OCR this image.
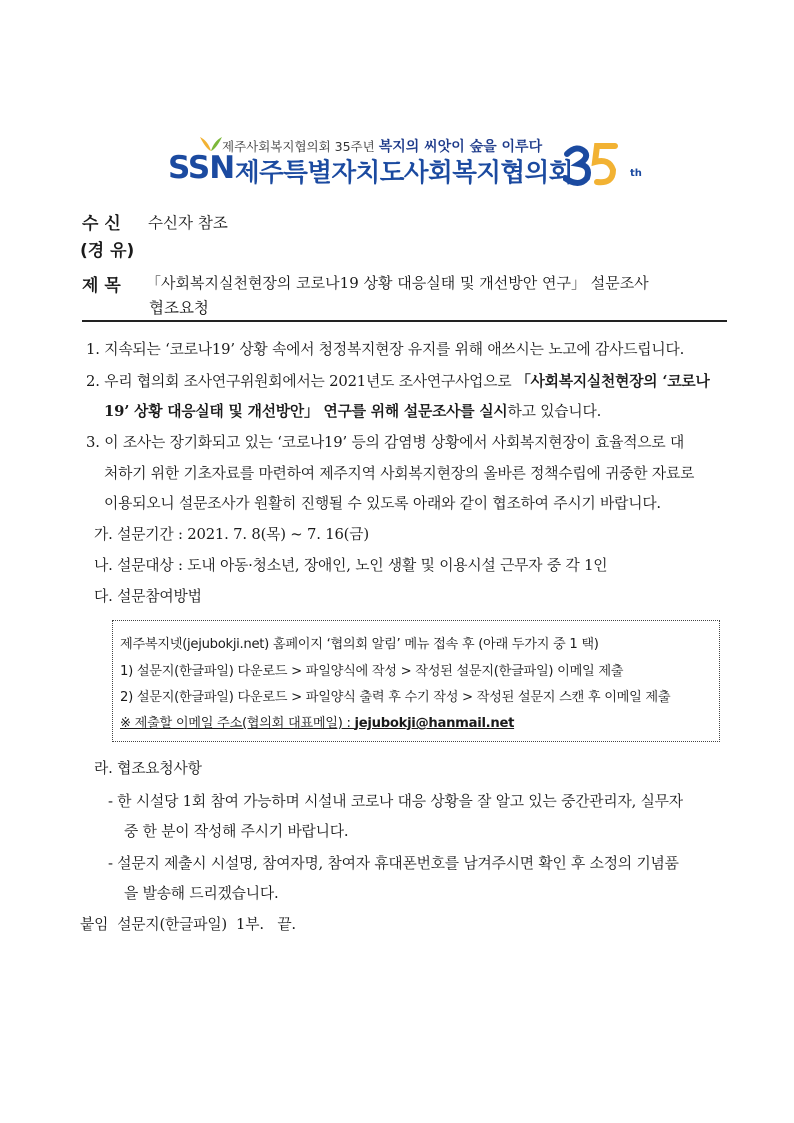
제주사회복지협의회 35주년 복지의 씨앗이 숲을 이루다
SSN 제주특별자치도사회복지협의회	th
수 신 수신자 참조
(경 유)
제 목 「사회복지실천현장의 코로나19 상황 대응실태 및 개선방안 연구」 설문조사
협조요청
1. 지속되는 ‘코로나19’ 상황 속에서 청정복지현장 유지를 위해 애쓰시는 노고에 감사드립니다.
2. 우리 협의회 조사연구위원회에서는 2021년도 조사연구사업으로 「사회복지실천현장의 ‘코로나
19’ 상황 대응실태 및 개선방안」 연구를 위해 설문조사를 실시하고 있습니다.
3. 이 조사는 장기화되고 있는 ‘코로나19’ 등의 감염병 상황에서 사회복지현장이 효율적으로 대
처하기 위한 기초자료를 마련하여 제주지역 사회복지현장의 올바른 정책수립에 귀중한 자료로
이용되오니 설문조사가 원활히 진행될 수 있도록 아래와 같이 협조하여 주시기 바랍니다.
가. 설문기간 : 2021. 7. 8(목) ~ 7. 16(금)
나. 설문대상 : 도내 아동·청소년, 장애인, 노인 생활 및 이용시설 근무자 중 각 1인
다. 설문참여방법
제주복지넷(jejubokji.net) 홈페이지 ‘협의회 알림’ 메뉴 접속 후 (아래 두가지 중 1 택)
1) 설문지(한글파일) 다운로드 > 파일양식에 작성 > 작성된 설문지(한글파일) 이메일 제출
2) 설문지(한글파일) 다운로드 > 파일양식 출력 후 수기 작성 > 작성된 설문지 스캔 후 이메일 제출
※ 제출할 이메일 주소(협의회 대표메일) : jejubokji@hanmail.net
라. 협조요청사항
- 한 시설당 1회 참여 가능하며 시설내 코로나 대응 상황을 잘 알고 있는 중간관리자, 실무자
중 한 분이 작성해 주시기 바랍니다.
- 설문지 제출시 시설명, 참여자명, 참여자 휴대폰번호를 남겨주시면 확인 후 소정의 기념품
을 발송해 드리겠습니다.
붙임  설문지(한글파일)  1부.   끝.
